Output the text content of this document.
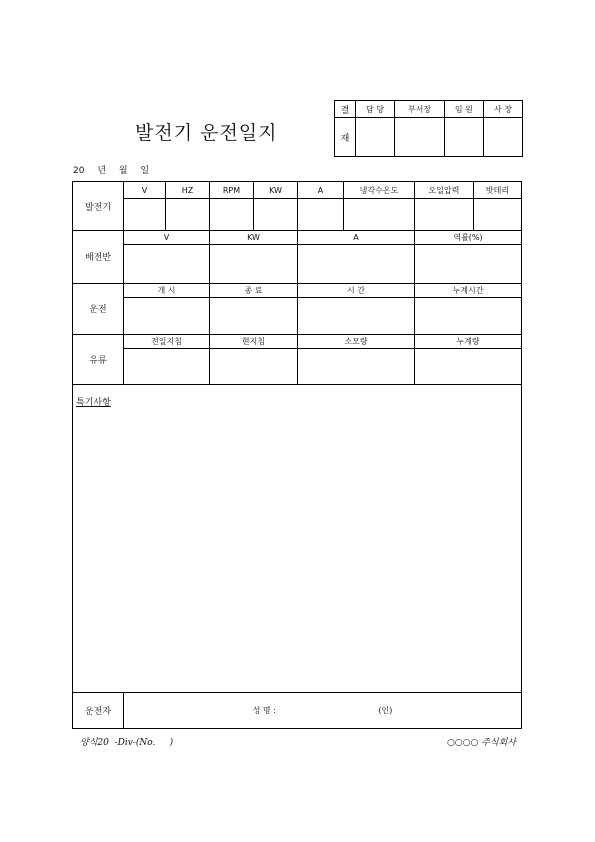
발전기 운전일지
결	담 당	부서장	임 원	사 장
재				
20 년 월 일
발전기	V	HZ	RPM	KW	A	냉각수온도	오일압력	밧데리

배전반	V		KW		A		역률(%)	

운전	개 시		종 료		시 간		누계시간	

유류	전일지침		현지침		소모량		누계량	

특기사항								
운전자	성 명 : (인)							
양식20  -Div-(No.     )	○○○○ 주식회사
